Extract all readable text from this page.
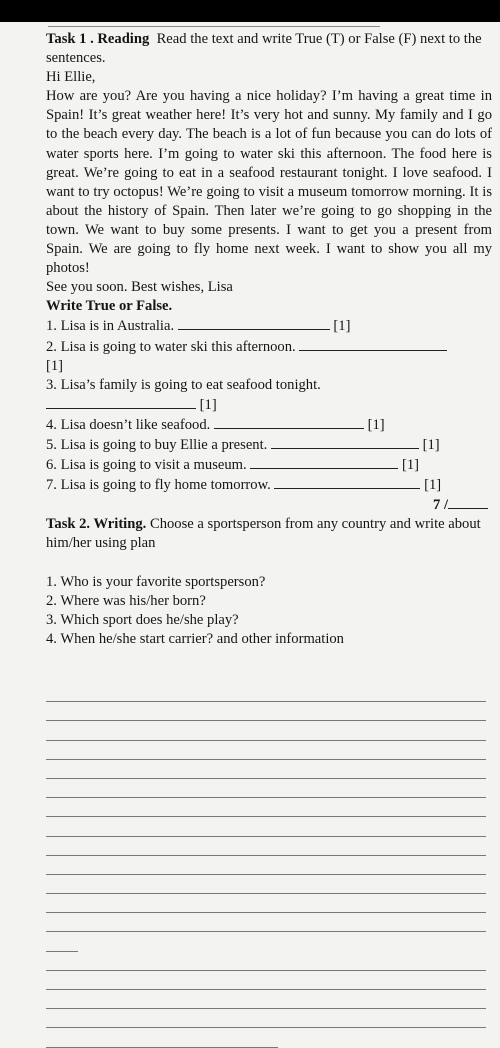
Task 1 . Reading Read the text and write True (T) or False (F) next to the sentences.

Hi Ellie,

How are you? Are you having a nice holiday? I’m having a great time in Spain! It’s great weather here! It’s very hot and sunny. My family and I go to the beach every day. The beach is a lot of fun because you can do lots of water sports here. I’m going to water ski this afternoon. The food here is great. We’re going to eat in a seafood restaurant tonight. I love seafood. I want to try octopus! We’re going to visit a museum tomorrow morning. It is about the history of Spain. Then later we’re going to go shopping in the town. We want to buy some presents. I want to get you a present from Spain. We are going to fly home next week. I want to show you all my photos!

See you soon. Best wishes, Lisa

Write True or False.

1. Lisa is in Australia.

	[1]
2. Lisa is going to water ski this afternoon.

[1]

3. Lisa’s family is going to eat seafood tonight.

[1]
4. Lisa doesn’t like seafood.

	[1]
5. Lisa is going to buy Ellie a present.

	[1]
6. Lisa is going to visit a museum.

	[1]
7. Lisa is going to fly home tomorrow.

	[1]
7 /

Task 2. Writing. Choose a sportsperson from any country and write about him/her using plan

1. Who is your favorite sportsperson?

2. Where was his/her born?

3. Which sport does he/she play?

4. When he/she start carrier? and other information
